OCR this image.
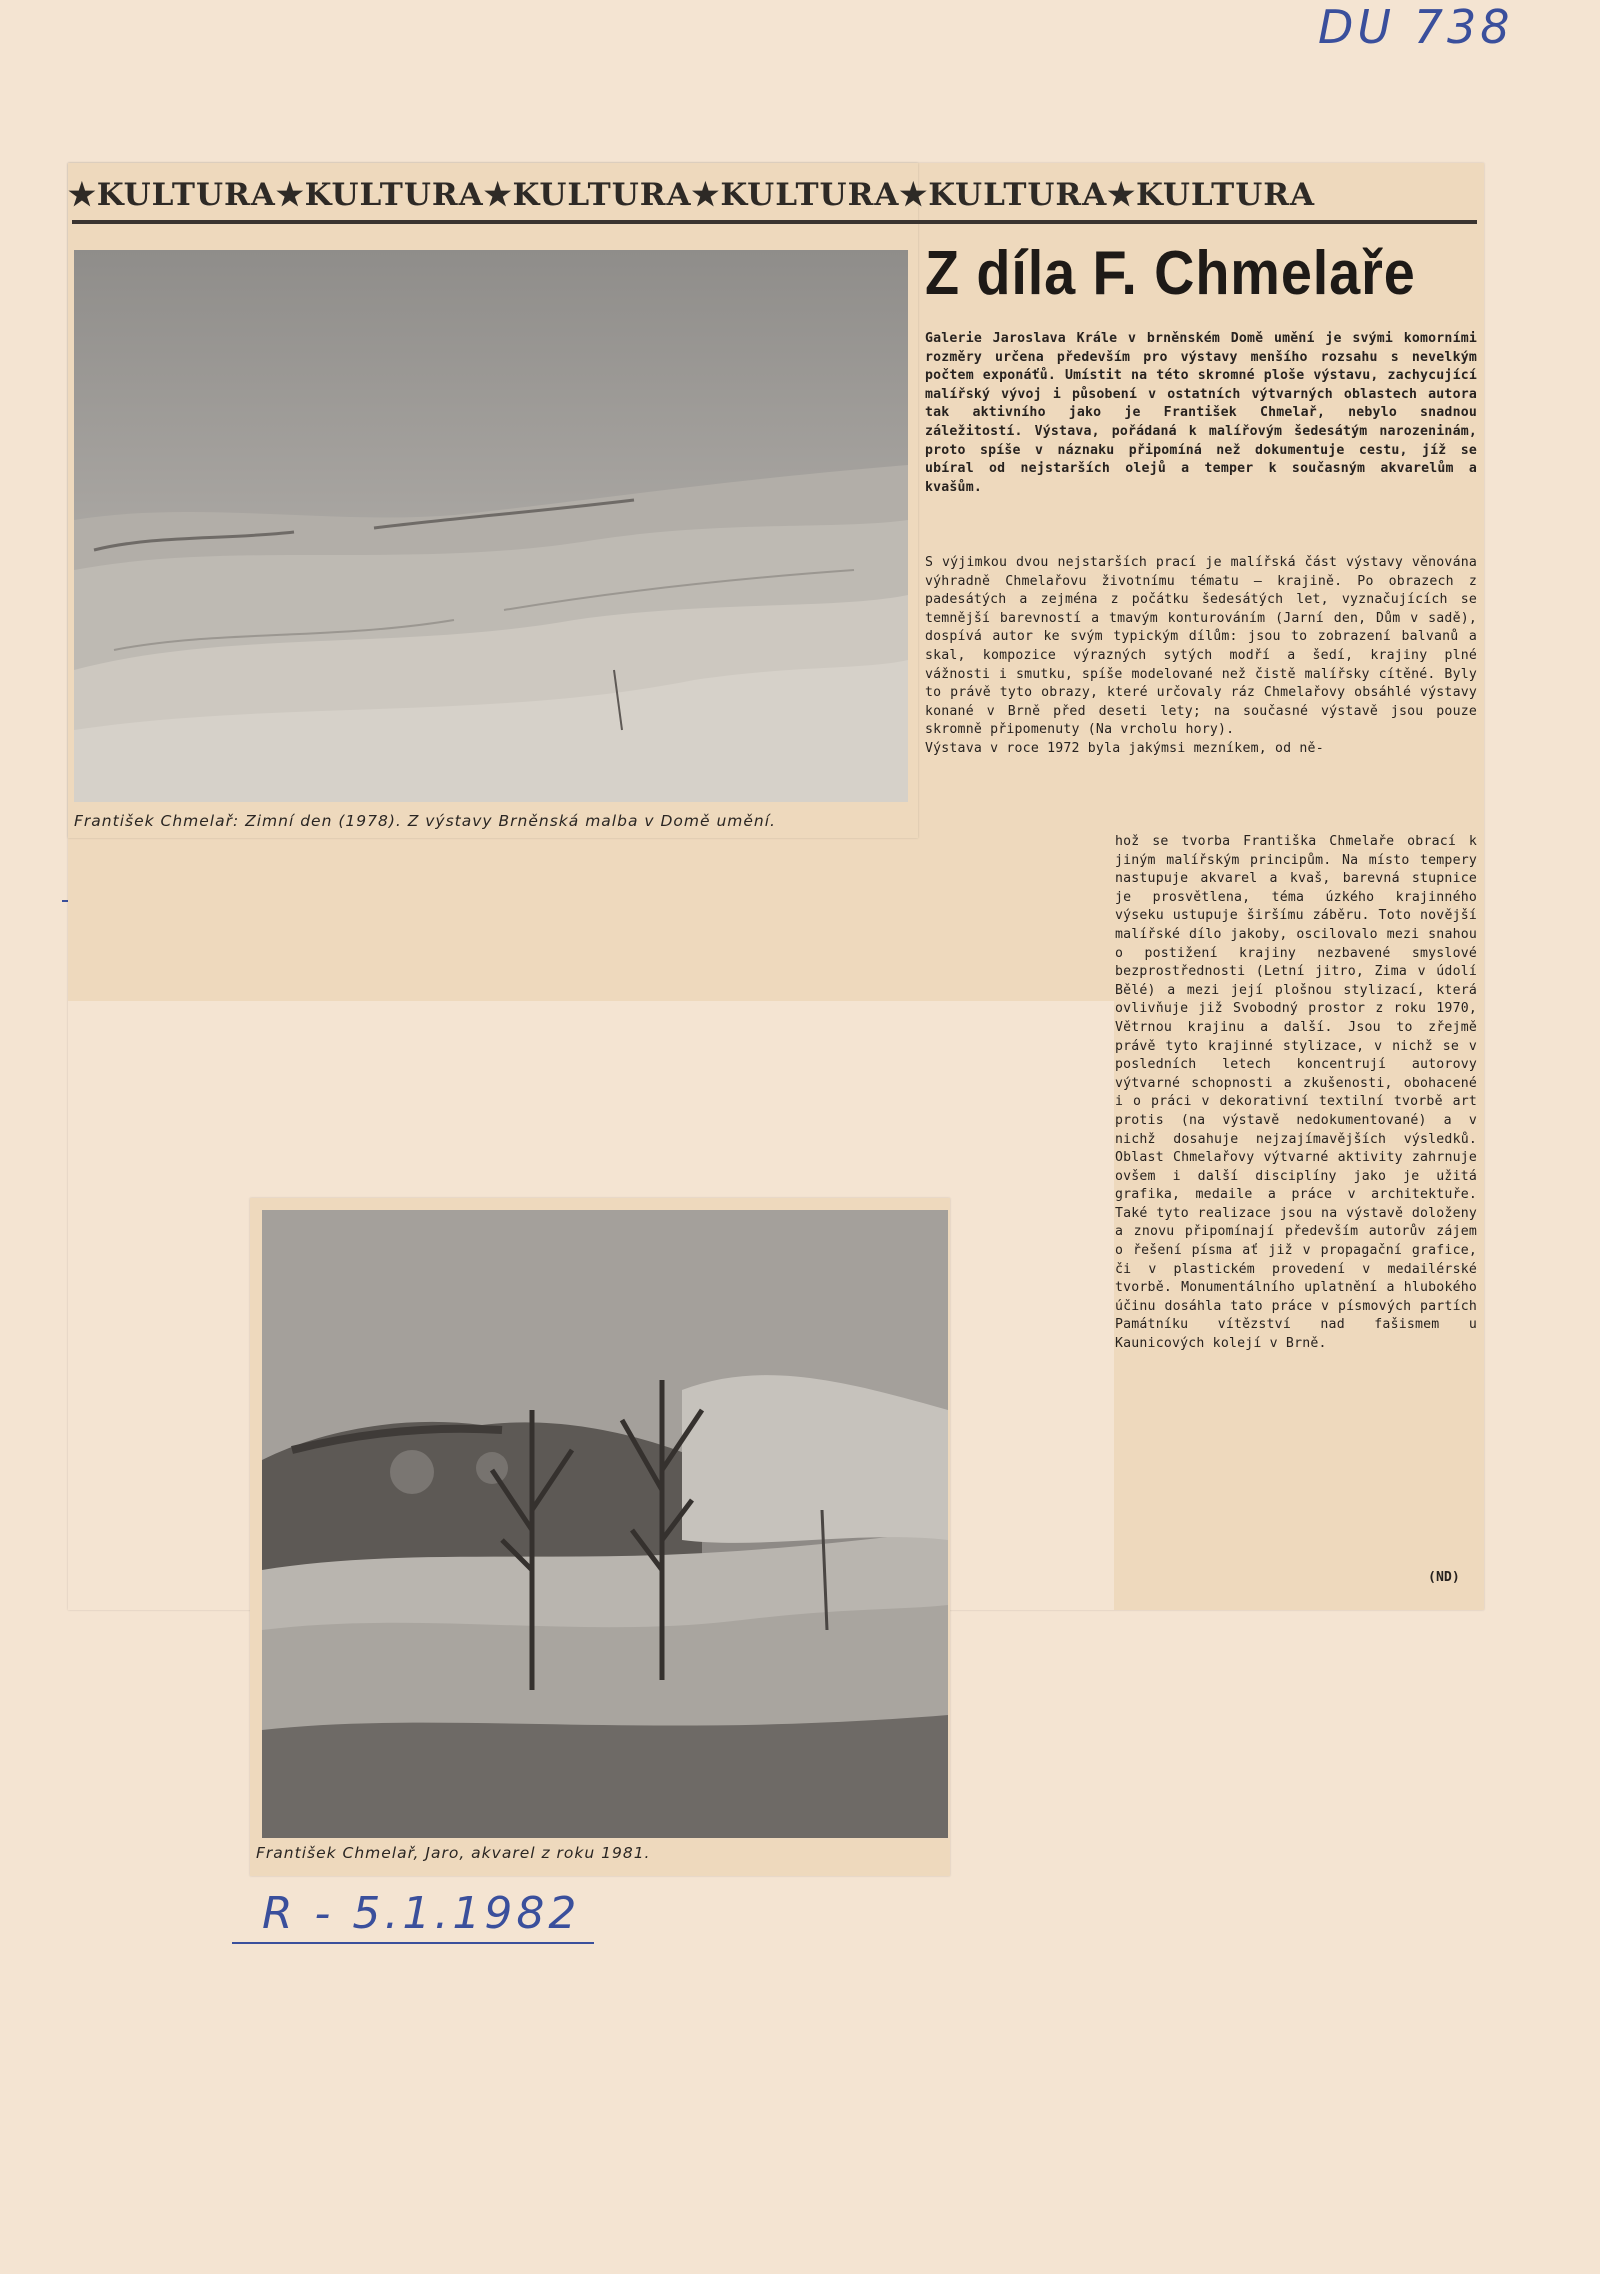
DU 738
R - 5.1.1982
★KULTURA★KULTURA★KULTURA★KULTURA★KULTURA★KULTURA
František Chmelař: Zimní den (1978). Z výstavy Brněnská malba v Domě umění.
Z díla F. Chmelaře
Galerie Jaroslava Krále v brněnském Domě umění je svými komorními rozměry určena především pro výstavy menšího rozsahu s nevelkým počtem exponáťů. Umístit na této skromné ploše výstavu, zachycující malířský vývoj i působení v ostatních výtvarných oblastech autora tak aktivního jako je František Chmelař, nebylo snadnou záležitostí. Výstava, pořádaná k malířovým šedesátým narozeninám, proto spíše v náznaku připomíná než dokumentuje cestu, jíž se ubíral od nejstarších olejů a temper k současným akvarelům a kvašům.
S výjimkou dvou nejstarších prací je malířská část výstavy věnována výhradně Chmelařovu životnímu tématu — krajině. Po obrazech z padesátých a zejména z počátku šedesátých let, vyznačujících se temnější barevností a tmavým konturováním (Jarní den, Dům v sadě), dospívá autor ke svým typickým dílům: jsou to zobrazení balvanů a skal, kompozice výrazných sytých modří a šedí, krajiny plné vážnosti i smutku, spíše modelované než čistě malířsky cítěné. Byly to právě tyto obrazy, které určovaly ráz Chmelařovy obsáhlé výstavy konané v Brně před deseti lety; na současné výstavě jsou pouze skromně připomenuty (Na vrcholu hory).
Výstava v roce 1972 byla jakýmsi mezníkem, od ně-
hož se tvorba Františka Chmelaře obrací k jiným malířským principům. Na místo tempery nastupuje akvarel a kvaš, barevná stupnice je prosvětlena, téma úzkého krajinného výseku ustupuje širšímu záběru. Toto novější malířské dílo jakoby, oscilovalo mezi snahou o postižení krajiny nezbavené smyslové bezprostřednosti (Letní jitro, Zima v údolí Bělé) a mezi její plošnou stylizací, která ovlivňuje již Svobodný prostor z roku 1970, Větrnou krajinu a další. Jsou to zřejmě právě tyto krajinné stylizace, v nichž se v posledních letech koncentrují autorovy výtvarné schopnosti a zkušenosti, obohacené i o práci v dekorativní textilní tvorbě art protis (na výstavě nedokumentované) a v nichž dosahuje nejzajímavějších výsledků. Oblast Chmelařovy výtvarné aktivity zahrnuje ovšem i další disciplíny jako je užitá grafika, medaile a práce v architektuře. Také tyto realizace jsou na výstavě doloženy a znovu připomínají především autorův zájem o řešení písma ať již v propagační grafice, či v plastickém provedení v medailérské tvorbě. Monumentálního uplatnění a hlubokého účinu dosáhla tato práce v písmových partích Památníku vítězství nad fašismem u Kaunicových kolejí v Brně.
(ND)
František Chmelař, Jaro, akvarel z roku 1981.
